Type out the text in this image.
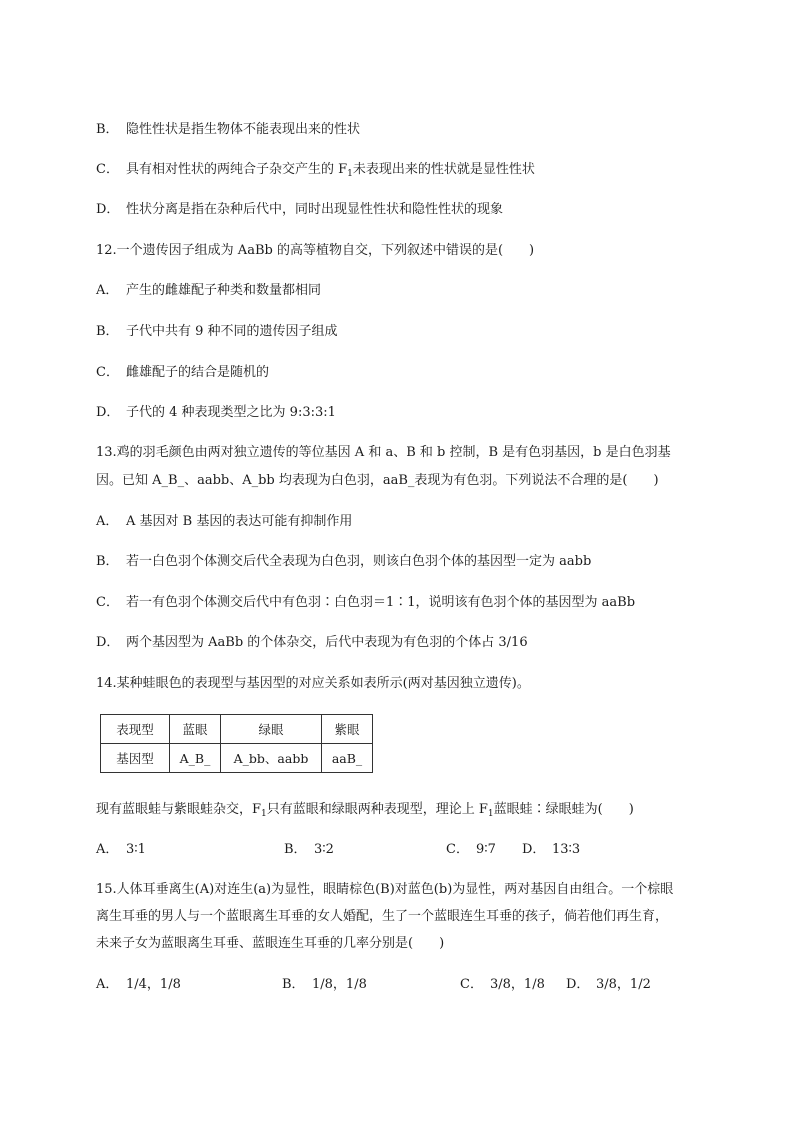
B． 隐性性状是指生物体不能表现出来的性状
C． 具有相对性状的两纯合子杂交产生的 $F_1$未表现出来的性状就是显性性状
D． 性状分离是指在杂种后代中，同时出现显性性状和隐性性状的现象
12.一个遗传因子组成为 AaBb 的高等植物自交，下列叙述中错误的是(　　)
A． 产生的雌雄配子种类和数量都相同
B． 子代中共有 9 种不同的遗传因子组成
C． 雌雄配子的结合是随机的
D． 子代的 4 种表现类型之比为 9:3:3:1
13.鸡的羽毛颜色由两对独立遗传的等位基因 A 和 a、B 和 b 控制，B 是有色羽基因，b 是白色羽基
因。已知 A_B_、aabb、A_bb 均表现为白色羽，aaB_表现为有色羽。下列说法不合理的是(　　)
A． A 基因对 B 基因的表达可能有抑制作用
B． 若一白色羽个体测交后代全表现为白色羽，则该白色羽个体的基因型一定为 aabb
C． 若一有色羽个体测交后代中有色羽∶白色羽＝1∶1，说明该有色羽个体的基因型为 aaBb
D． 两个基因型为 AaBb 的个体杂交，后代中表现为有色羽的个体占 3/16
14.某种蛙眼色的表现型与基因型的对应关系如表所示(两对基因独立遗传)。
表现型	蓝眼	绿眼	紫眼
基因型	A_B_	A_bb、aabb	aaB_
现有蓝眼蛙与紫眼蛙杂交，$F_1$只有蓝眼和绿眼两种表现型，理论上 $F_1$蓝眼蛙∶绿眼蛙为(　　)
A． 3∶1	B． 3∶2	C． 9∶7 D． 13∶3
15.人体耳垂离生(A)对连生(a)为显性，眼睛棕色(B)对蓝色(b)为显性，两对基因自由组合。一个棕眼
离生耳垂的男人与一个蓝眼离生耳垂的女人婚配，生了一个蓝眼连生耳垂的孩子，倘若他们再生育，
未来子女为蓝眼离生耳垂、蓝眼连生耳垂的几率分别是(　　)
A． 1/4，1/8	B． 1/8，1/8	C． 3/8，1/8 D． 3/8，1/2
